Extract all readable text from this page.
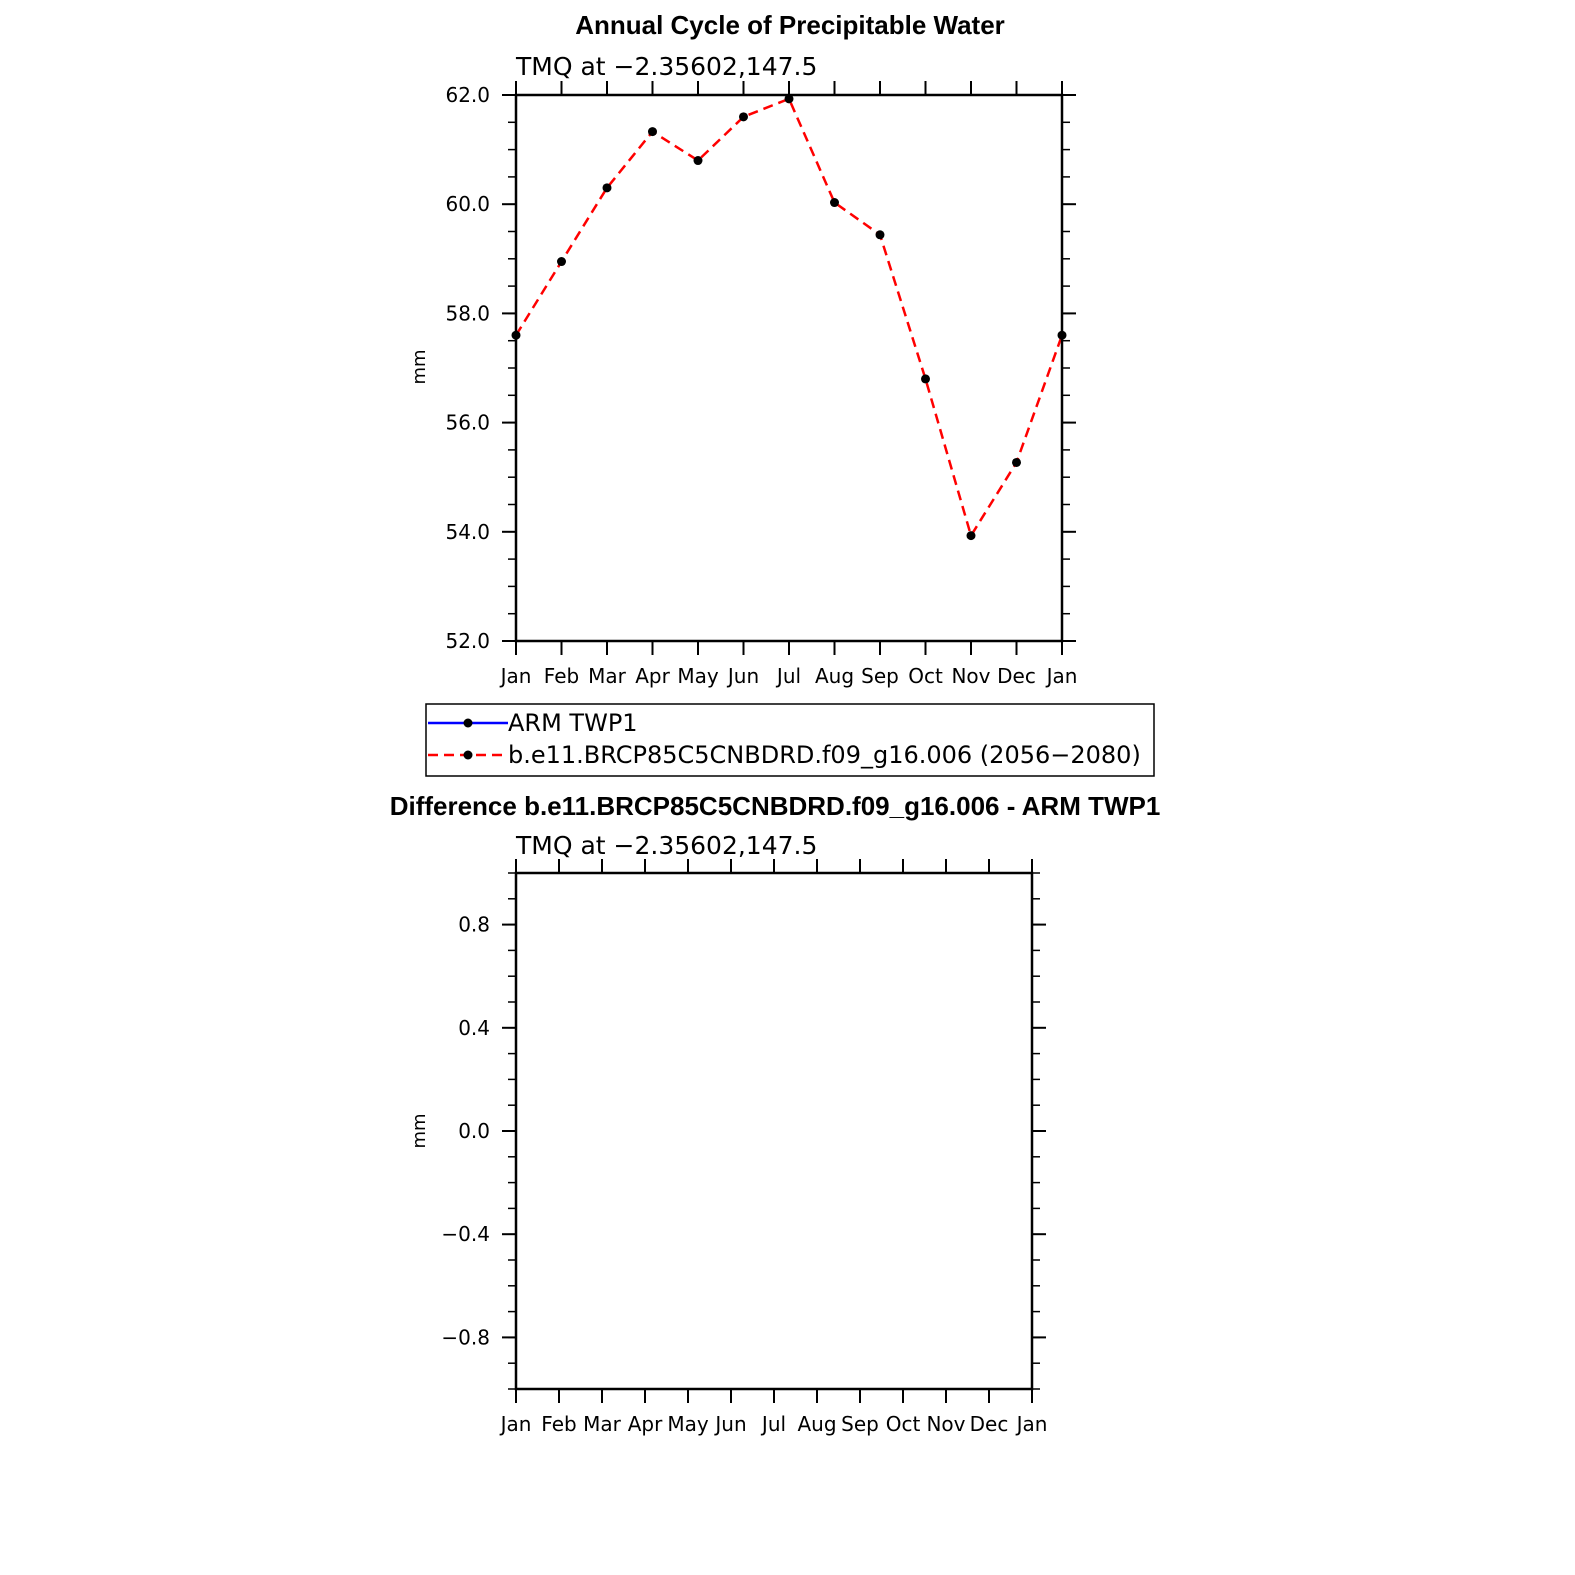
Annual Cycle of Precipitable Water
TMQ at −2.35602,147.5
mm
Jan Feb Mar Apr May Jun Jul Aug Sep Oct Nov Dec Jan
62.0
60.0
58.0
56.0
54.0
52.0
ARM TWP1
b.e11.BRCP85C5CNBDRD.f09_g16.006 (2056−2080)
Difference b.e11.BRCP85C5CNBDRD.f09_g16.006 - ARM TWP1
TMQ at −2.35602,147.5
mm
Jan Feb Mar Apr May Jun Jul Aug Sep Oct Nov Dec Jan
0.8
0.4
0.0
−0.4
−0.8
